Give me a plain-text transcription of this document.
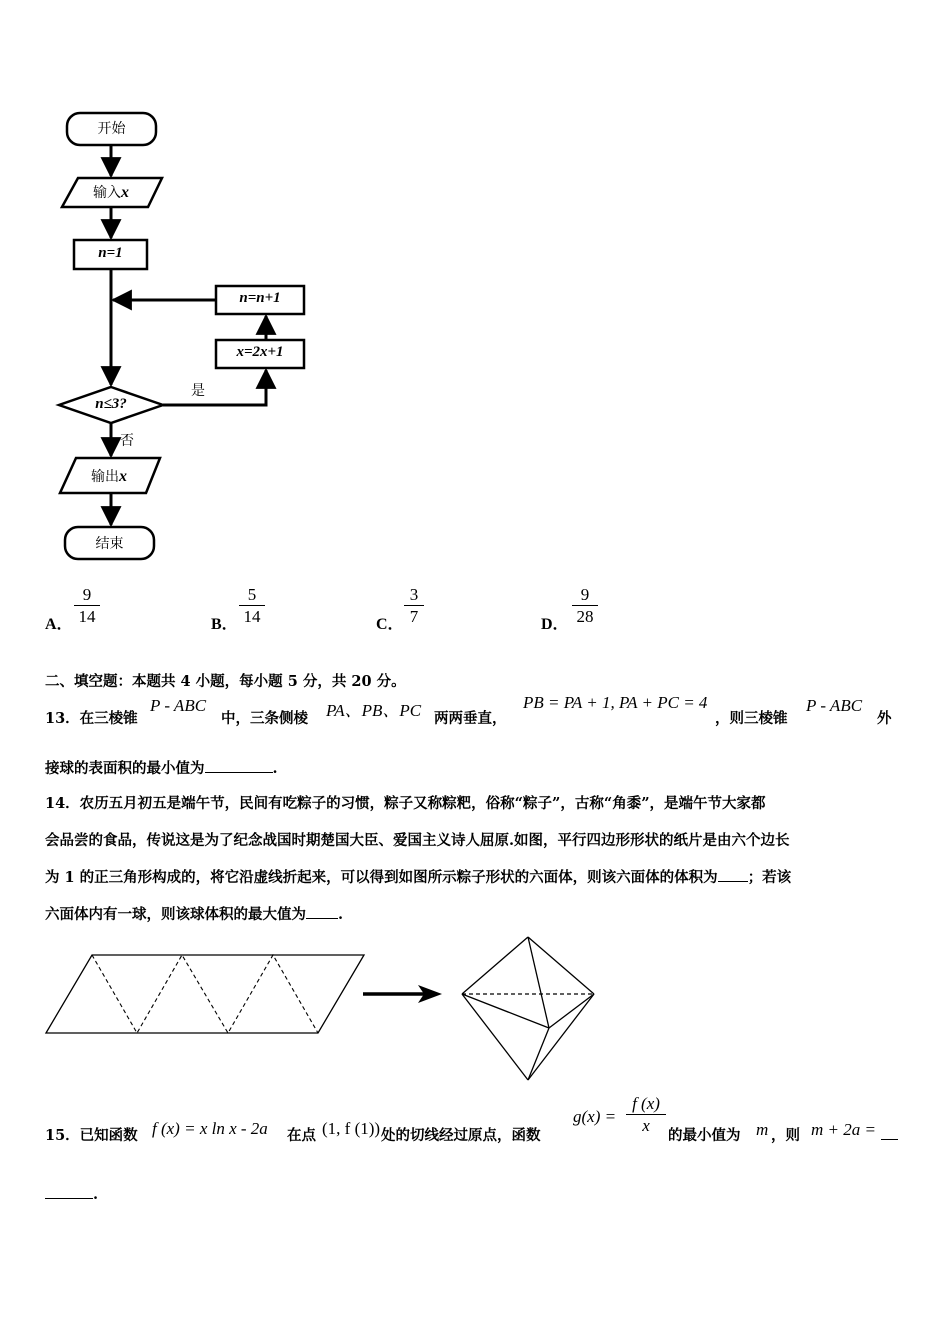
开始
输入x
n=1
n=n+1
x=2x+1
n≤3?
是
否
输出x
结束
A． $\frac{9}{14}$	B． $\frac{5}{14}$	C． $\frac{3}{7}$	D． $\frac{9}{28}$
二、填空题：本题共 4 小题，每小题 5 分，共 20 分。
13．在三棱锥
P - ABC
中，三条侧棱 PA、PB、PC 两两垂直，
PB = PA + 1, PA + PC = 4
，则三棱锥
P - ABC
外
接球的表面积的最小值为	.
14．农历五月初五是端午节，民间有吃粽子的习惯，粽子又称粽粑，俗称“粽子”，古称“角黍”，是端午节大家都
会品尝的食品，传说这是为了纪念战国时期楚国大臣、爱国主义诗人屈原.如图，平行四边形形状的纸片是由六个边长
为 1 的正三角形构成的，将它沿虚线折起来，可以得到如图所示粽子形状的六面体，则该六面体的体积为 ；若该
六面体内有一球，则该球体积的最大值为 .
15．已知函数 f (x) = x ln x - 2a 在点 (1, f (1)) 处的切线经过原点，函数
$g(x) = \frac{f (x)}{x}$ 的最小值为 m ，则 m + 2a =
.
